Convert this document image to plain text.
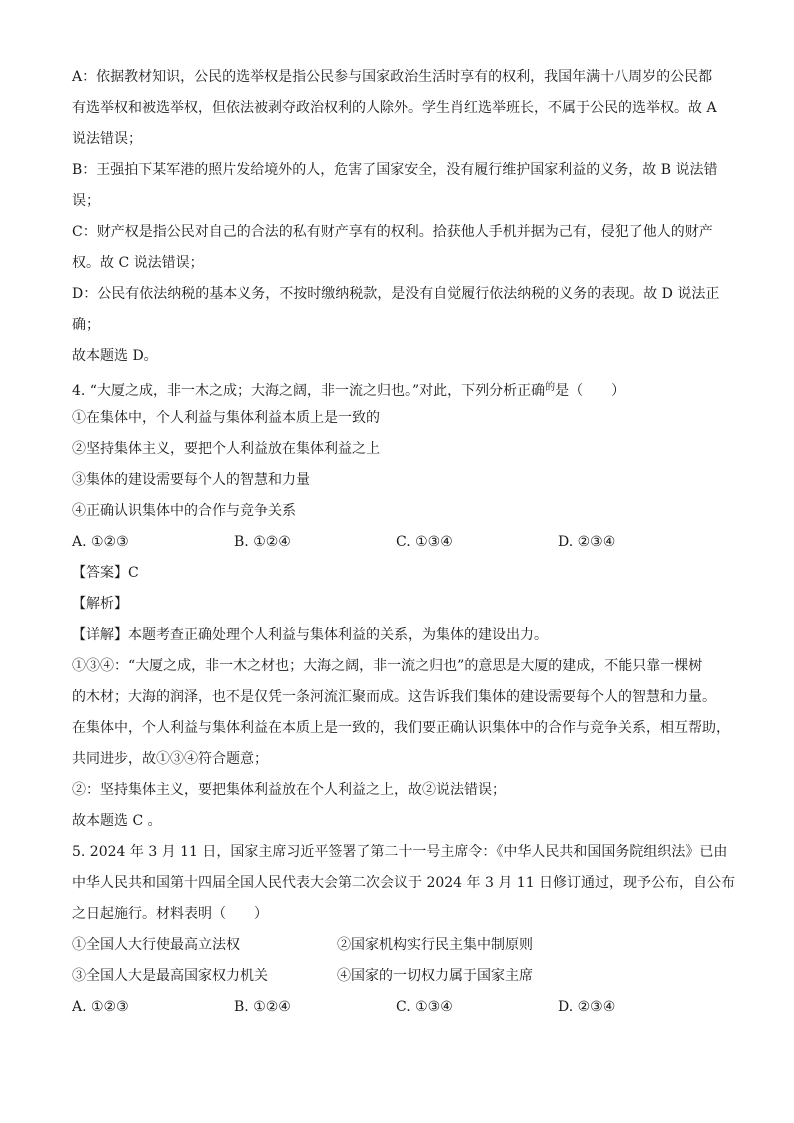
A：依据教材知识，公民的选举权是指公民参与国家政治生活时享有的权利，我国年满十八周岁的公民都
有选举权和被选举权，但依法被剥夺政治权利的人除外。学生肖红选举班长，不属于公民的选举权。故 A
说法错误；
B：王强拍下某军港的照片发给境外的人，危害了国家安全，没有履行维护国家利益的义务，故 B 说法错
误；
C：财产权是指公民对自己的合法的私有财产享有的权利。拾获他人手机并据为己有，侵犯了他人的财产
权。故 C 说法错误；
D：公民有依法纳税的基本义务，不按时缴纳税款，是没有自觉履行依法纳税的义务的表现。故 D 说法正
确；
故本题选 D。
4. “大厦之成，非一木之成；大海之阔，非一流之归也。”对此，下列分析正确$^的$是（　　）
①在集体中，个人利益与集体利益本质上是一致的
②坚持集体主义，要把个人利益放在集体利益之上
③集体的建设需要每个人的智慧和力量
④正确认识集体中的合作与竞争关系
A. ①②③	B. ①②④	C. ①③④	D. ②③④
【答案】C
【解析】
【详解】本题考查正确处理个人利益与集体利益的关系，为集体的建设出力。
①③④：“大厦之成，非一木之材也；大海之阔，非一流之归也”的意思是大厦的建成，不能只靠一棵树
的木材；大海的润泽，也不是仅凭一条河流汇聚而成。这告诉我们集体的建设需要每个人的智慧和力量。
在集体中，个人利益与集体利益在本质上是一致的，我们要正确认识集体中的合作与竞争关系，相互帮助，
共同进步，故①③④符合题意；
②：坚持集体主义，要把集体利益放在个人利益之上，故②说法错误；
故本题选 C 。
5. 2024 年 3 月 11 日，国家主席习近平签署了第二十一号主席令：《中华人民共和国国务院组织法》已由
中华人民共和国第十四届全国人民代表大会第二次会议于 2024 年 3 月 11 日修订通过，现予公布，自公布
之日起施行。材料表明（　　）
①全国人大行使最高立法权	②国家机构实行民主集中制原则
③全国人大是最高国家权力机关	④国家的一切权力属于国家主席
A. ①②③	B. ①②④	C. ①③④	D. ②③④
